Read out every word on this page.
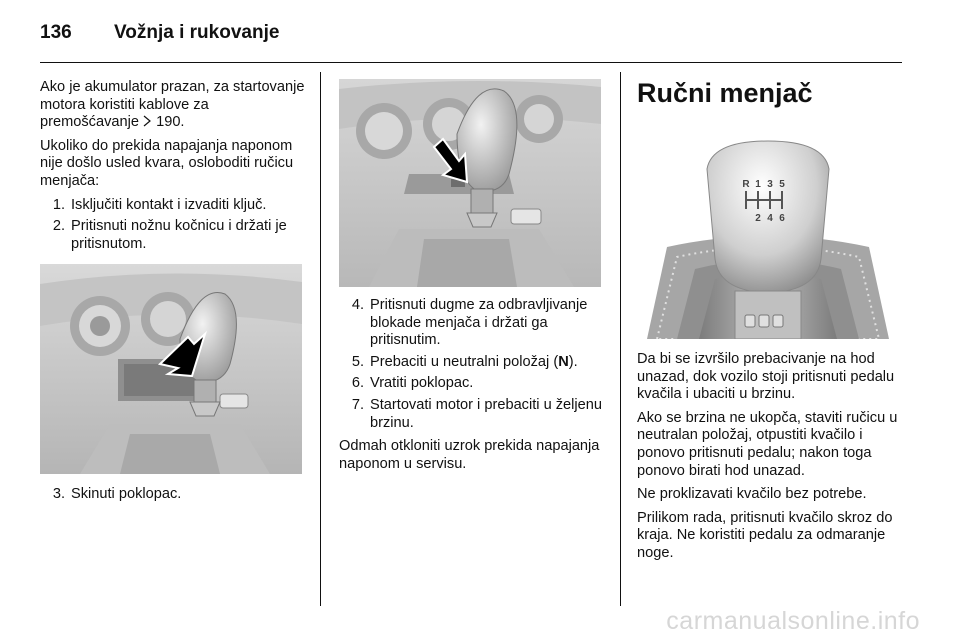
136 Vožnja i rukovanje

Ako je akumulator prazan, za startovanje motora koristiti kablove za premošćavanje
190.

Ukoliko do prekida napajanja naponom nije došlo usled kvara, osloboditi ručicu menjača:

1. Isključiti kontakt i izvaditi ključ.
2. Pritisnuti nožnu kočnicu i držati je pritisnutom.
3. Skinuti poklopac.
4. Pritisnuti dugme za odbravljivanje blokade menjača i držati ga pritisnutim.
5. Prebaciti u neutralni položaj (N).
6. Vratiti poklopac.
7. Startovati motor i prebaciti u željenu brzinu.

Odmah otkloniti uzrok prekida napajanja naponom u servisu.

Ručni menjač
R 1 3 5
2 4 6

Da bi se izvršilo prebacivanje na hod unazad, dok vozilo stoji pritisnuti pedalu kvačila i ubaciti u brzinu.

Ako se brzina ne ukopča, staviti ručicu u neutralan položaj, otpustiti kvačilo i ponovo pritisnuti pedalu; nakon toga ponovo birati hod unazad.

Ne proklizavati kvačilo bez potrebe.

Prilikom rada, pritisnuti kvačilo skroz do kraja. Ne koristiti pedalu za odmaranje noge.

carmanualsonline.info
